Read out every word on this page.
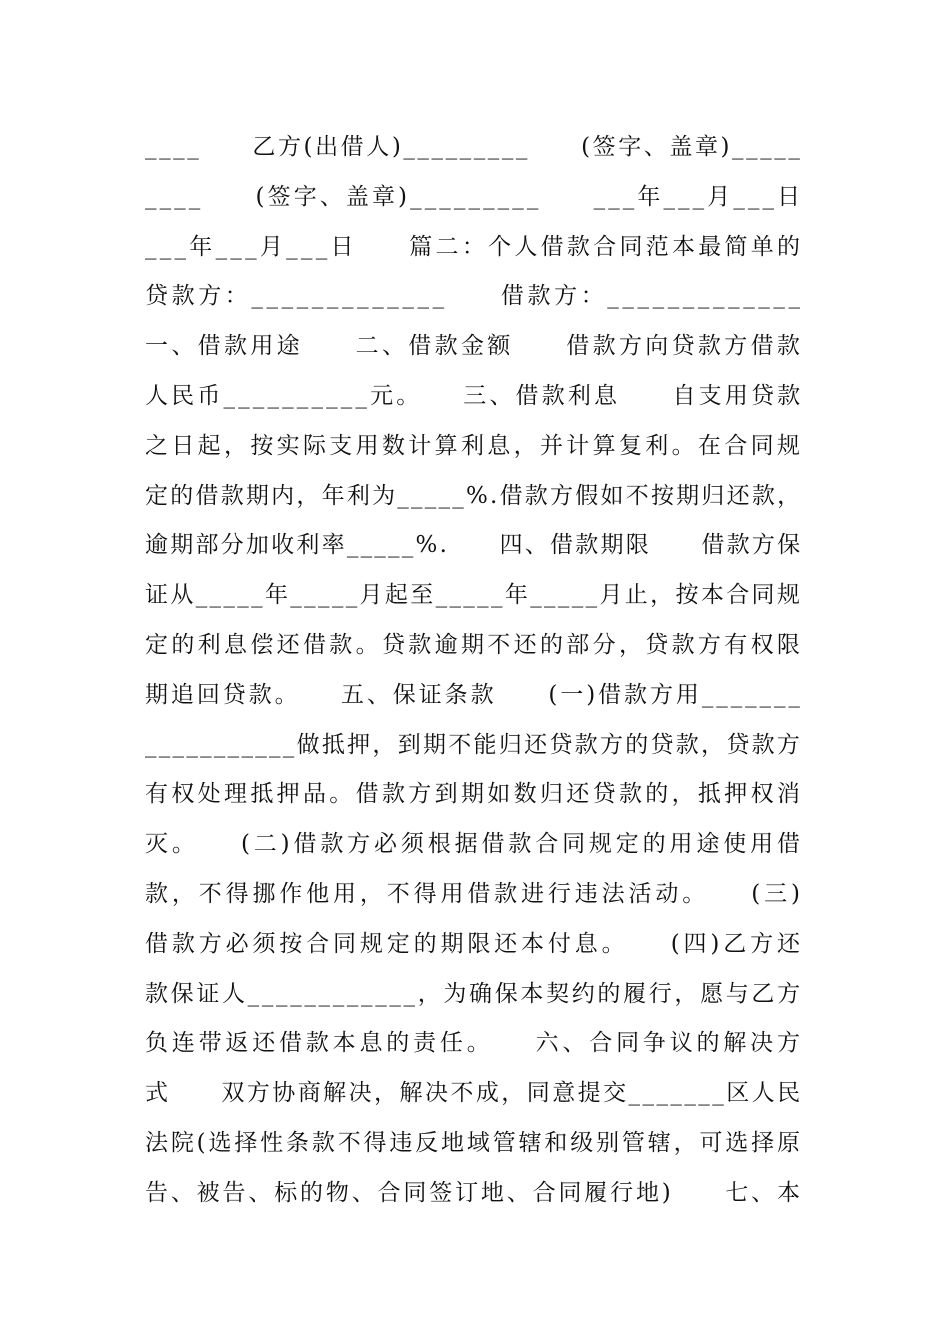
____　　乙方(出借人)_________　　(签字、盖章)_____
____　　(签字、盖章)_________　　___年___月___日
___年___月___日　　篇二：个人借款合同范本最简单的
贷款方：_____________　　借款方：_____________
一、借款用途　　二、借款金额　　借款方向贷款方借款
人民币__________元。　　三、借款利息　　自支用贷款
之日起，按实际支用数计算利息，并计算复利。在合同规
定的借款期内，年利为_____%.借款方假如不按期归还款，
逾期部分加收利率_____%.　　四、借款期限　　借款方保
证从_____年_____月起至_____年_____月止，按本合同规
定的利息偿还借款。贷款逾期不还的部分，贷款方有权限
期追回贷款。　　五、保证条款　　(一)借款方用_______
___________做抵押，到期不能归还贷款方的贷款，贷款方
有权处理抵押品。借款方到期如数归还贷款的，抵押权消
灭。　　(二)借款方必须根据借款合同规定的用途使用借
款，不得挪作他用，不得用借款进行违法活动。　　(三)
借款方必须按合同规定的期限还本付息。　　(四)乙方还
款保证人____________，为确保本契约的履行，愿与乙方
负连带返还借款本息的责任。　　六、合同争议的解决方
式　　双方协商解决，解决不成，同意提交_______区人民
法院(选择性条款不得违反地域管辖和级别管辖，可选择原
告、被告、标的物、合同签订地、合同履行地)　　七、本
